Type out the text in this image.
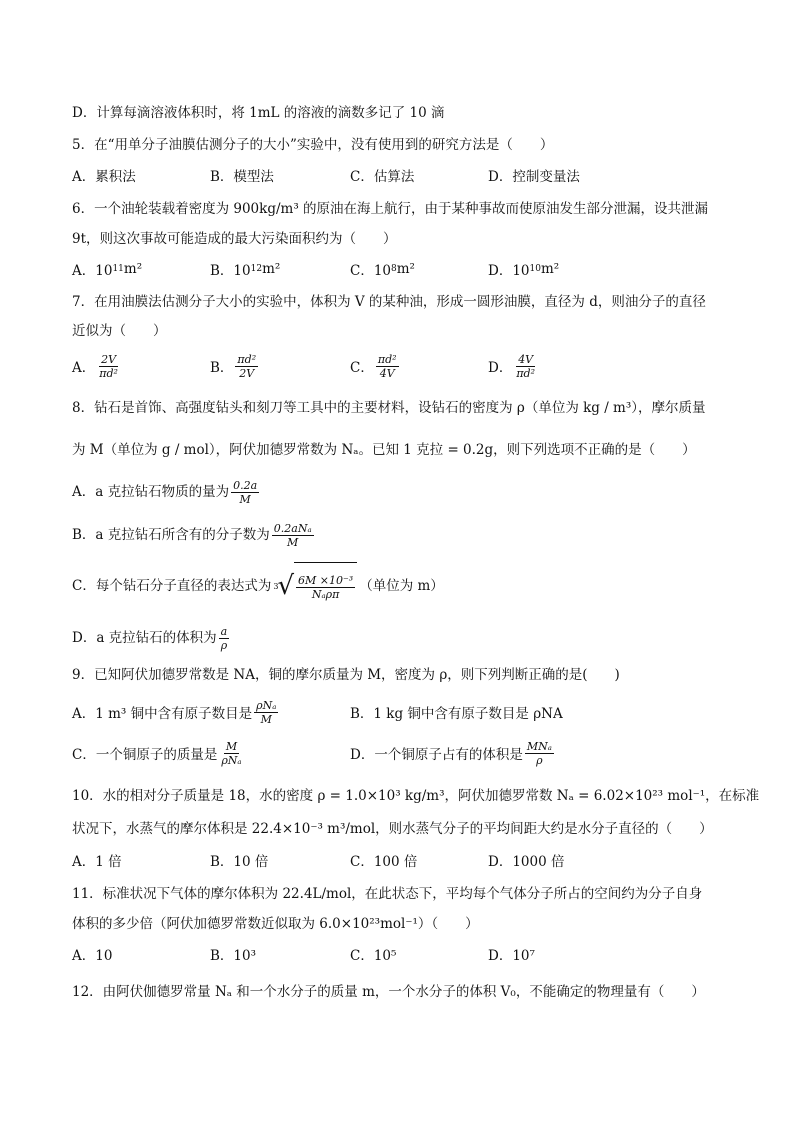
D．计算每滴溶液体积时，将 1mL 的溶液的滴数多记了 10 滴
5．在“用单分子油膜估测分子的大小”实验中，没有使用到的研究方法是（　　）
A．累积法	B．模型法	C．估算法	D．控制变量法
6．一个油轮装载着密度为 900kg/m³ 的原油在海上航行，由于某种事故而使原油发生部分泄漏，设共泄漏
9t，则这次事故可能造成的最大污染面积约为（　　）
A．10 11 m²	B．10 12 m²	C．10 8 m²	D．10 10 m²
7．在用油膜法估测分子大小的实验中，体积为 V 的某种油，形成一圆形油膜，直径为 d，则油分子的直径
近似为（　　）
A． $\frac{2V}{\text{πd²}}$	B． $\frac{\text{πd²}}{2V}$	C． $\frac{\text{πd²}}{4V}$	D． $\frac{4V}{\text{πd²}}$
8．钻石是首饰、高强度钻头和刻刀等工具中的主要材料，设钻石的密度为 ρ（单位为 kg / m³），摩尔质量
为 M（单位为 g / mol），阿伏加德罗常数为 Nₐ。已知 1 克拉 = 0.2g，则下列选项不正确的是（　　）
A．a 克拉钻石物质的量为 $\frac{0.2a}{M}$
B．a 克拉钻石所含有的分子数为 $\frac{\text{0.2aNₐ}}{M}$
C．每个钻石分子直径的表达式为 3 √ $\frac{\text{6M ×10⁻³}}{\text{Nₐρπ}}$ （单位为 m）
D．a 克拉钻石的体积为 $\frac{a}{\rho}$
9．已知阿伏加德罗常数是 NA，铜的摩尔质量为 M，密度为 ρ，则下列判断正确的是(　　)
A．1 m³ 铜中含有原子数目是 $\frac{\text{ρNₐ}}{M}$	B．1 kg 铜中含有原子数目是 ρNA
C．一个铜原子的质量是 $\frac{M}{\text{ρNₐ}}$	D．一个铜原子占有的体积是 $\frac{\text{MNₐ}}{\rho}$
10．水的相对分子质量是 18，水的密度 ρ = 1.0×10³ kg/m³，阿伏加德罗常数 Nₐ = 6.02×10²³ mol⁻¹，在标准
状况下，水蒸气的摩尔体积是 22.4×10⁻³ m³/mol，则水蒸气分子的平均间距大约是水分子直径的（　　）
A．1 倍	B．10 倍	C．100 倍	D．1000 倍
11．标准状况下气体的摩尔体积为 22.4L/mol，在此状态下，平均每个气体分子所占的空间约为分子自身
体积的多少倍（阿伏加德罗常数近似取为 6.0×10²³mol⁻¹）（　　）
A．10	B．10³	C．10⁵	D．10⁷
12．由阿伏伽德罗常量 Nₐ 和一个水分子的质量 m，一个水分子的体积 V₀，不能确定的物理量有（　　）
